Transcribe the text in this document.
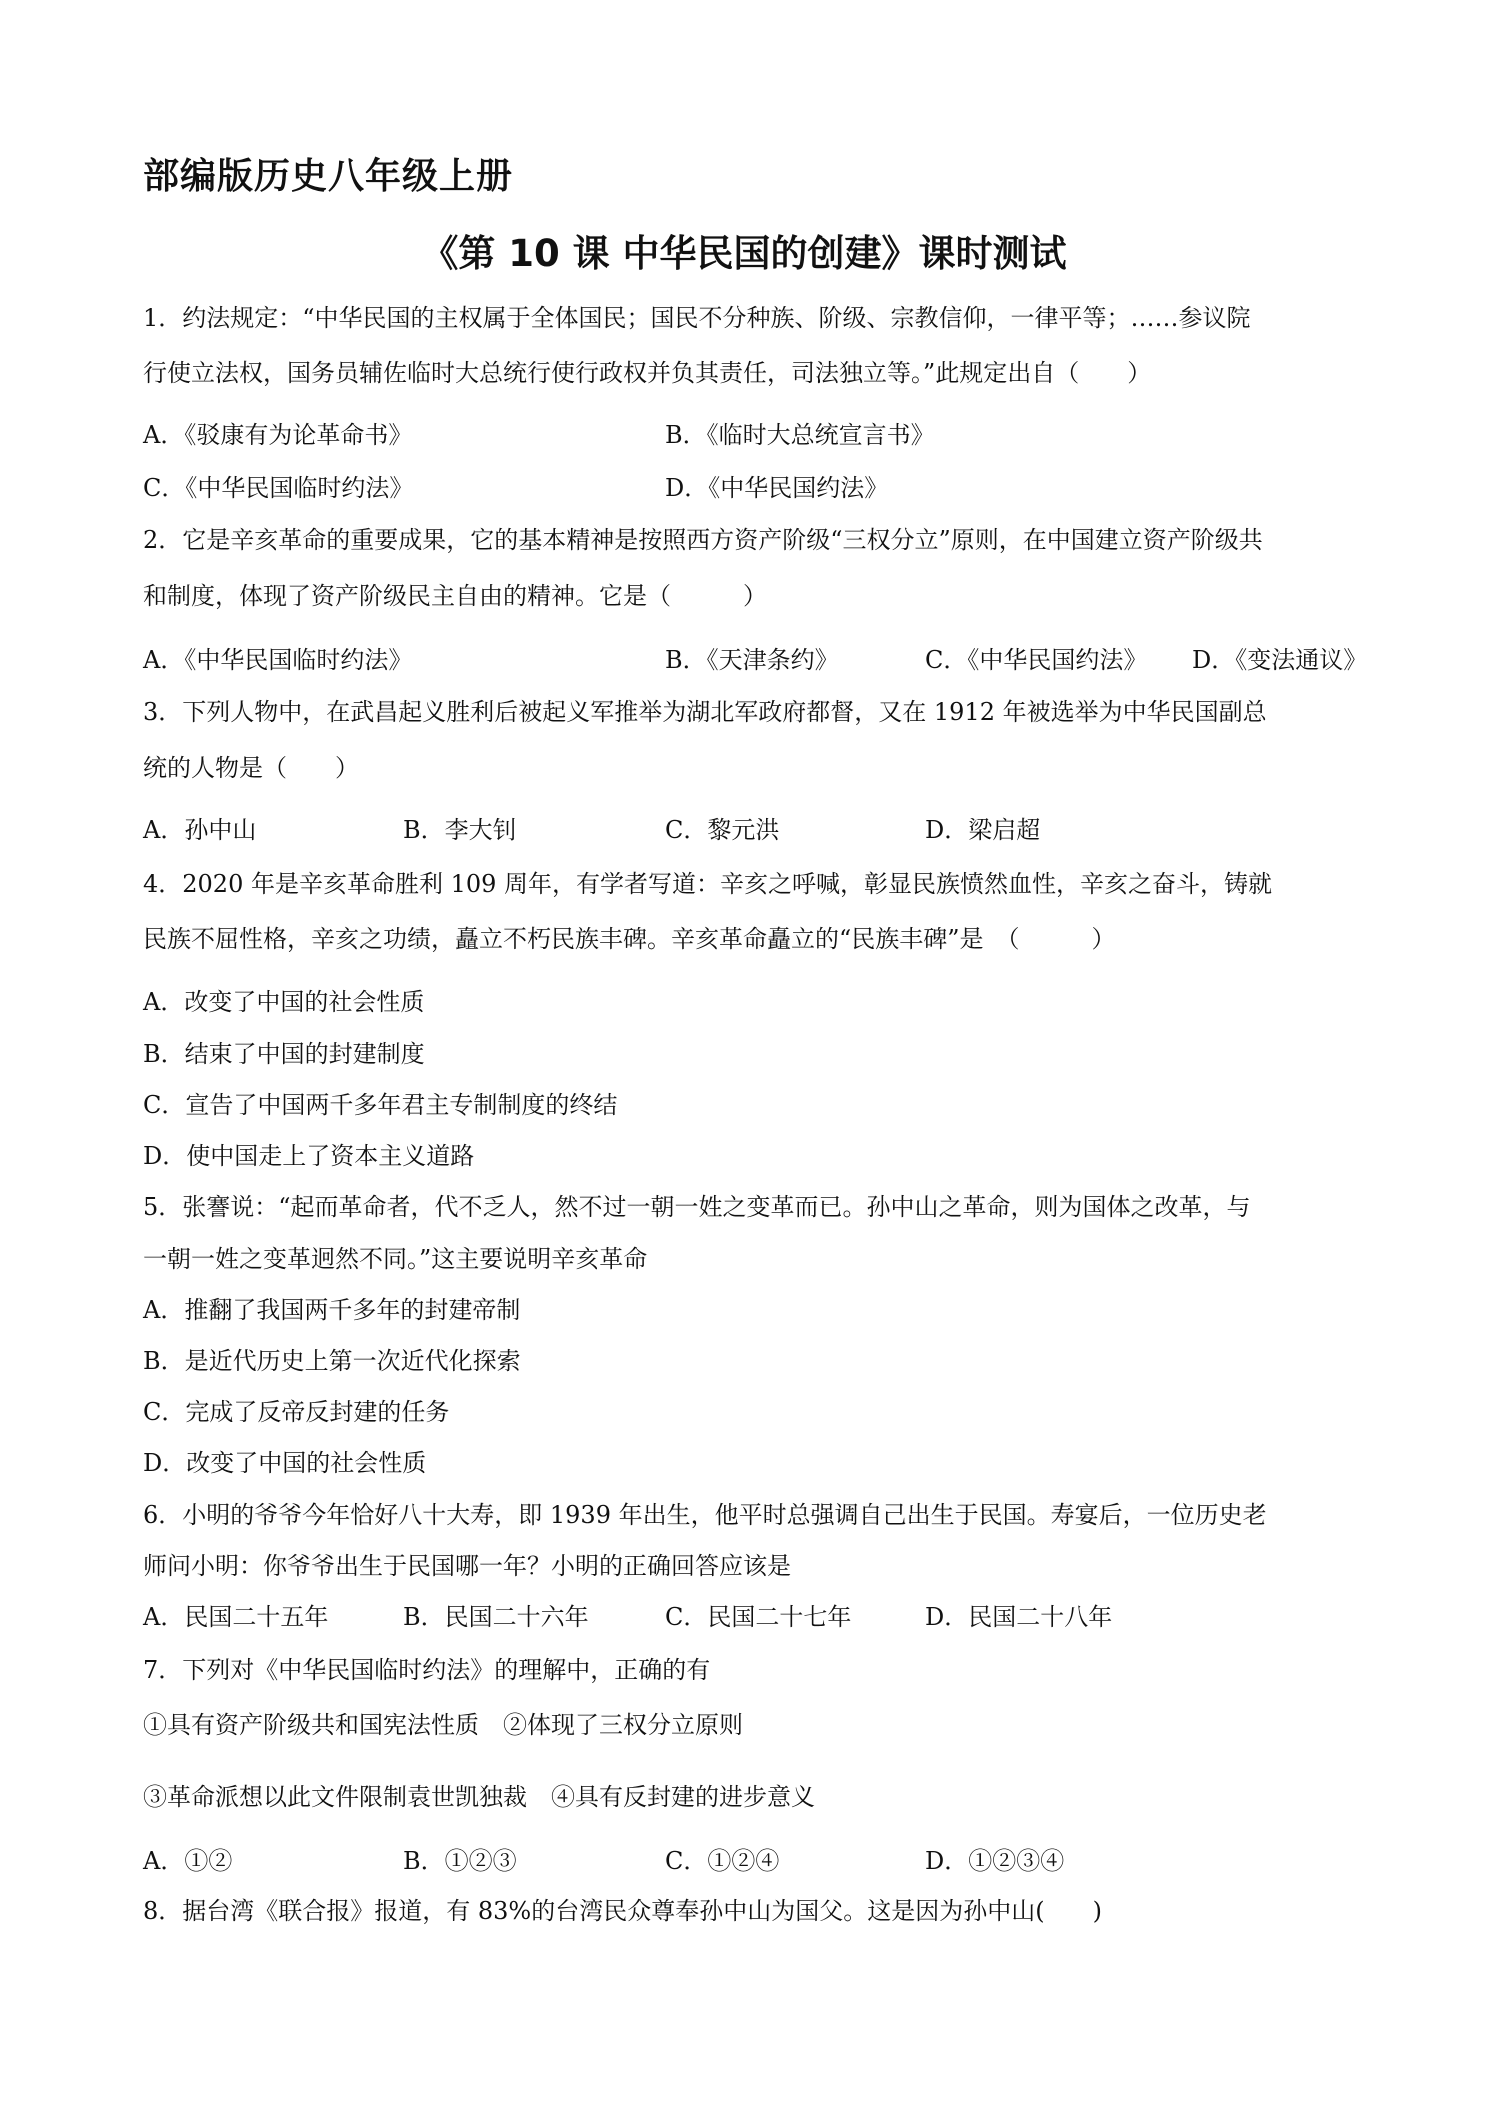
部编版历史八年级上册
《第 10 课 中华民国的创建》课时测试
1．约法规定：“中华民国的主权属于全体国民；国民不分种族、阶级、宗教信仰，一律平等；……参议院
行使立法权，国务员辅佐临时大总统行使行政权并负其责任，司法独立等。”此规定出自（　　）
A．《驳康有为论革命书》	B．《临时大总统宣言书》
C．《中华民国临时约法》	D．《中华民国约法》
2．它是辛亥革命的重要成果，它的基本精神是按照西方资产阶级“三权分立”原则，在中国建立资产阶级共
和制度，体现了资产阶级民主自由的精神。它是（　　　）
A．《中华民国临时约法》	B．《天津条约》	C．《中华民国约法》 D．《变法通议》
3．下列人物中，在武昌起义胜利后被起义军推举为湖北军政府都督，又在 1912 年被选举为中华民国副总
统的人物是（　　）
A．孙中山	B．李大钊	C．黎元洪	D．梁启超
4．2020 年是辛亥革命胜利 109 周年，有学者写道：辛亥之呼喊，彰显民族愤然血性，辛亥之奋斗，铸就
民族不屈性格，辛亥之功绩，矗立不朽民族丰碑。辛亥革命矗立的“民族丰碑”是　（　　　）
A．改变了中国的社会性质
B．结束了中国的封建制度
C．宣告了中国两千多年君主专制制度的终结
D．使中国走上了资本主义道路
5．张謇说：“起而革命者，代不乏人，然不过一朝一姓之变革而已。孙中山之革命，则为国体之改革，与
一朝一姓之变革迥然不同。”这主要说明辛亥革命
A．推翻了我国两千多年的封建帝制
B．是近代历史上第一次近代化探索
C．完成了反帝反封建的任务
D．改变了中国的社会性质
6．小明的爷爷今年恰好八十大寿，即 1939 年出生，他平时总强调自己出生于民国。寿宴后，一位历史老
师问小明：你爷爷出生于民国哪一年？小明的正确回答应该是
A．民国二十五年	B．民国二十六年	C．民国二十七年	D．民国二十八年
7．下列对《中华民国临时约法》的理解中，正确的有
①具有资产阶级共和国宪法性质　②体现了三权分立原则
③革命派想以此文件限制袁世凯独裁　④具有反封建的进步意义
A．①②	B．①②③	C．①②④	D．①②③④
8．据台湾《联合报》报道，有 83%的台湾民众尊奉孙中山为国父。这是因为孙中山(　　)
